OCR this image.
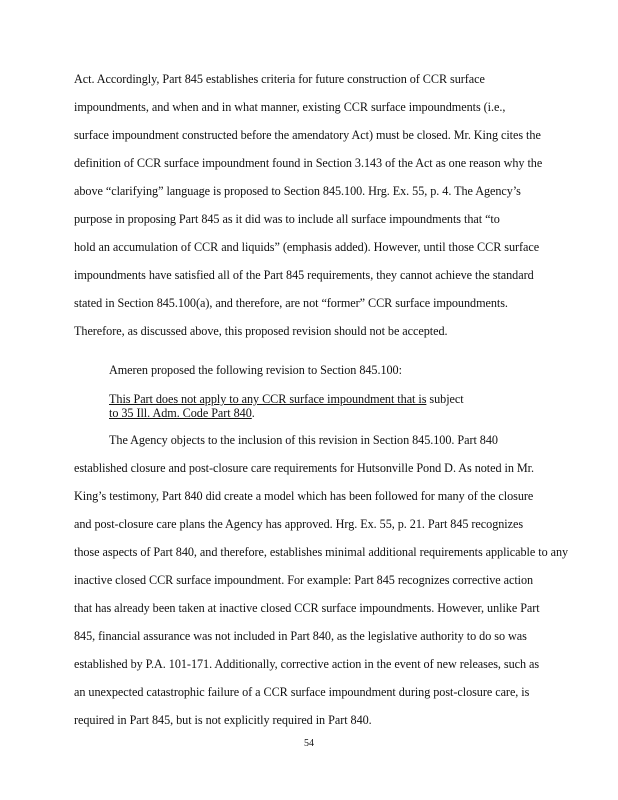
Act. Accordingly, Part 845 establishes criteria for future construction of CCR surface
impoundments, and when and in what manner, existing CCR surface impoundments (i.e.,
surface impoundment constructed before the amendatory Act) must be closed. Mr. King cites the
definition of CCR surface impoundment found in Section 3.143 of the Act as one reason why the
above “clarifying” language is proposed to Section 845.100. Hrg. Ex. 55, p. 4. The Agency’s
purpose in proposing Part 845 as it did was to include all surface impoundments that “to
hold an accumulation of CCR and liquids” (emphasis added). However, until those CCR surface
impoundments have satisfied all of the Part 845 requirements, they cannot achieve the standard
stated in Section 845.100(a), and therefore, are not “former” CCR surface impoundments.
Therefore, as discussed above, this proposed revision should not be accepted.
Ameren proposed the following revision to Section 845.100:
This Part does not apply to any CCR surface impoundment that is subject
to 35 Ill. Adm. Code Part 840.
The Agency objects to the inclusion of this revision in Section 845.100. Part 840
established closure and post-closure care requirements for Hutsonville Pond D. As noted in Mr.
King’s testimony, Part 840 did create a model which has been followed for many of the closure
and post-closure care plans the Agency has approved. Hrg. Ex. 55, p. 21. Part 845 recognizes
those aspects of Part 840, and therefore, establishes minimal additional requirements applicable to any
inactive closed CCR surface impoundment. For example: Part 845 recognizes corrective action
that has already been taken at inactive closed CCR surface impoundments. However, unlike Part
845, financial assurance was not included in Part 840, as the legislative authority to do so was
established by P.A. 101-171. Additionally, corrective action in the event of new releases, such as
an unexpected catastrophic failure of a CCR surface impoundment during post-closure care, is
required in Part 845, but is not explicitly required in Part 840.
54
